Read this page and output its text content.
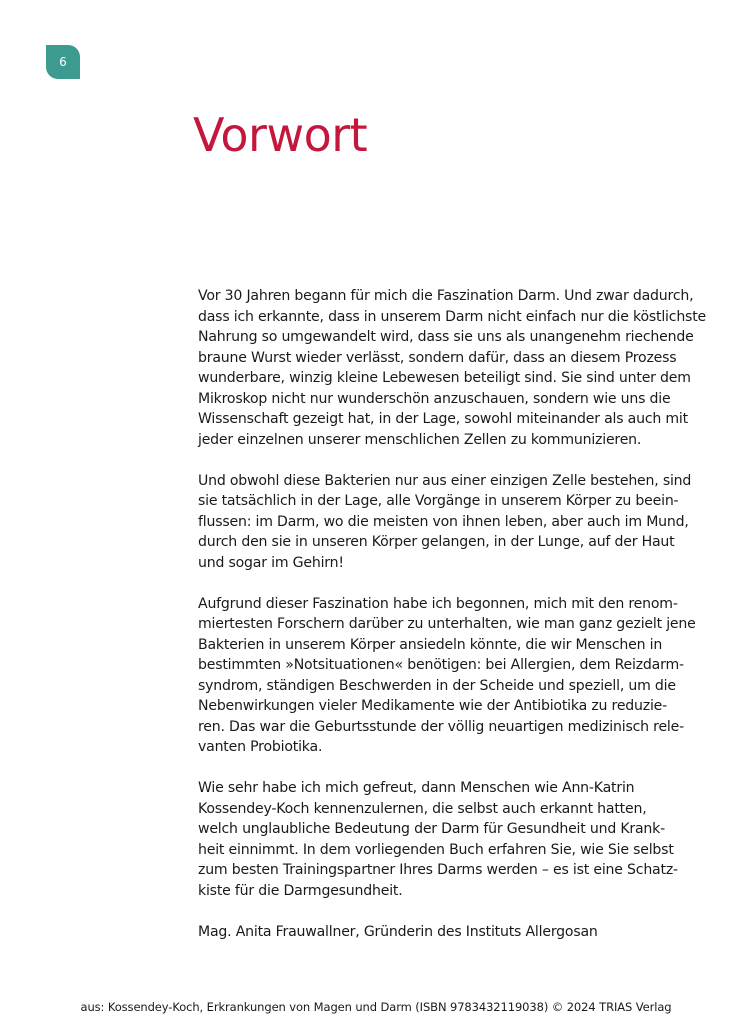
6
Vorwort

Vor 30 Jahren begann für mich die Faszination Darm. Und zwar dadurch,
dass ich erkannte, dass in unserem Darm nicht einfach nur die köstlichste
Nahrung so umgewandelt wird, dass sie uns als unangenehm riechende
braune Wurst wieder verlässt, sondern dafür, dass an diesem Prozess
wunderbare, winzig kleine Lebewesen beteiligt sind. Sie sind unter dem
Mikroskop nicht nur wunderschön anzuschauen, sondern wie uns die
Wissenschaft gezeigt hat, in der Lage, sowohl miteinander als auch mit
jeder einzelnen unserer menschlichen Zellen zu kommunizieren.

Und obwohl diese Bakterien nur aus einer einzigen Zelle bestehen, sind
sie tatsächlich in der Lage, alle Vorgänge in unserem Körper zu beein-
flussen: im Darm, wo die meisten von ihnen leben, aber auch im Mund,
durch den sie in unseren Körper gelangen, in der Lunge, auf der Haut
und sogar im Gehirn!

Aufgrund dieser Faszination habe ich begonnen, mich mit den renom-
miertesten Forschern darüber zu unterhalten, wie man ganz gezielt jene
Bakterien in unserem Körper ansiedeln könnte, die wir Menschen in
bestimmten »Notsituationen« benötigen: bei Allergien, dem Reizdarm-
syndrom, ständigen Beschwerden in der Scheide und speziell, um die
Nebenwirkungen vieler Medikamente wie der Antibiotika zu reduzie-
ren. Das war die Geburtsstunde der völlig neuartigen medizinisch rele-
vanten Probiotika.

Wie sehr habe ich mich gefreut, dann Menschen wie Ann-Katrin
Kossendey-Koch kennenzulernen, die selbst auch erkannt hatten,
welch unglaubliche Bedeutung der Darm für Gesundheit und Krank-
heit einnimmt. In dem vorliegenden Buch erfahren Sie, wie Sie selbst
zum besten Trainingspartner Ihres Darms werden – es ist eine Schatz-
kiste für die Darmgesundheit.

Mag. Anita Frauwallner, Gründerin des Instituts Allergosan

aus: Kossendey-Koch, Erkrankungen von Magen und Darm (ISBN 9783432119038) © 2024 TRIAS Verlag
